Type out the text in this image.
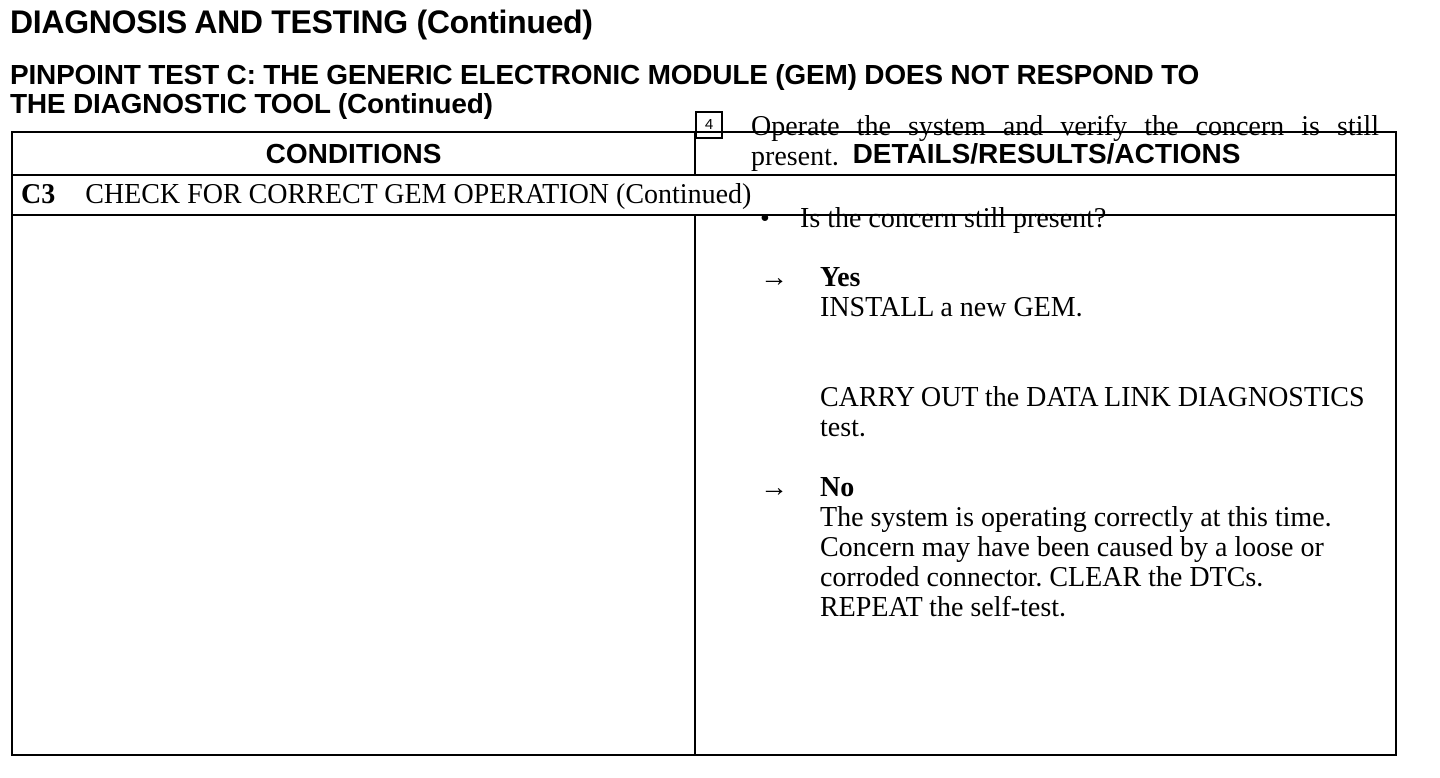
DIAGNOSIS AND TESTING (Continued)
PINPOINT TEST C: THE GENERIC ELECTRONIC MODULE (GEM) DOES NOT RESPOND TO
THE DIAGNOSTIC TOOL (Continued)
CONDITIONS	DETAILS/RESULTS/ACTIONS
C3 CHECK FOR CORRECT GEM OPERATION (Continued)
4	Operate the system and verify the concern is still present.
•	Is the concern still present?
→	Yes
INSTALL a new GEM.
CARRY OUT the DATA LINK DIAGNOSTICS test.
→	No
The system is operating correctly at this time. Concern may have been caused by a loose or corroded connector. CLEAR the DTCs. REPEAT the self-test.
